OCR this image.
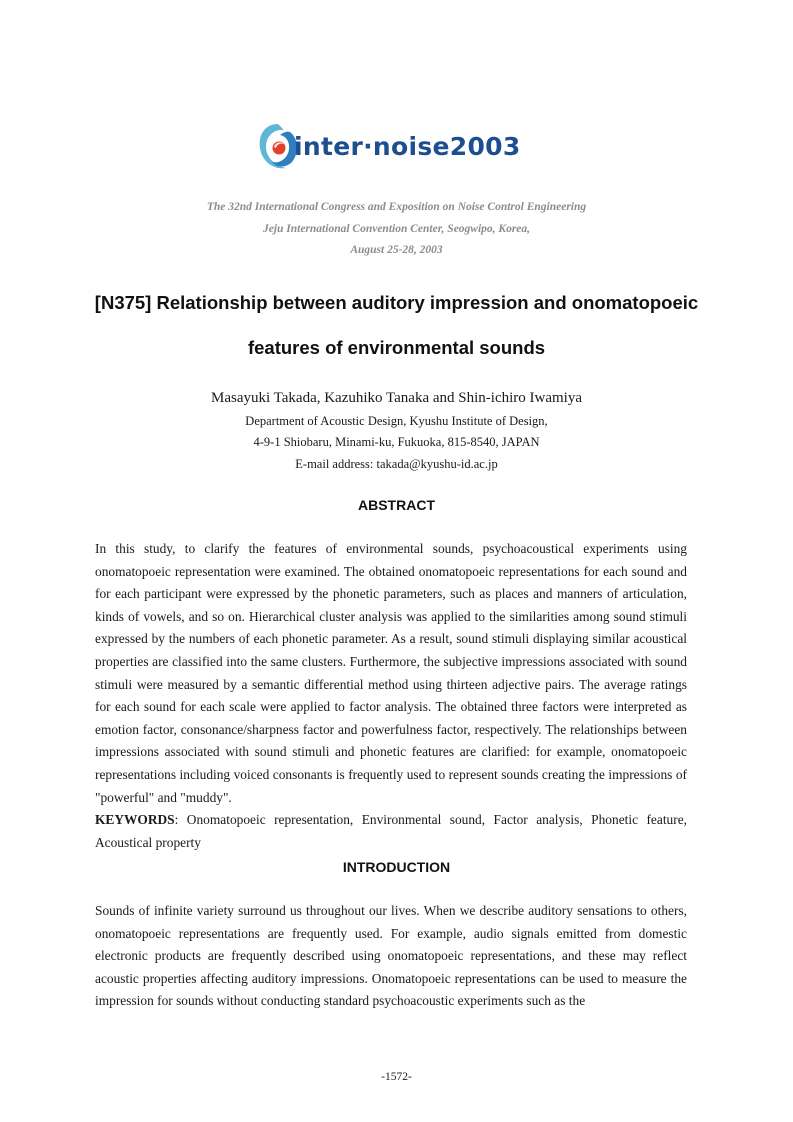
inter·noise2003
The 32nd International Congress and Exposition on Noise Control Engineering
Jeju International Convention Center, Seogwipo, Korea,
August 25-28, 2003
[N375] Relationship between auditory impression and onomatopoeic
features of environmental sounds
Masayuki Takada, Kazuhiko Tanaka and Shin-ichiro Iwamiya
Department of Acoustic Design, Kyushu Institute of Design,
4-9-1 Shiobaru, Minami-ku, Fukuoka, 815-8540, JAPAN
E-mail address: takada@kyushu-id.ac.jp
ABSTRACT
In this study, to clarify the features of environmental sounds, psychoacoustical experiments using onomatopoeic representation were examined. The obtained onomatopoeic representations for each sound and for each participant were expressed by the phonetic parameters, such as places and manners of articulation, kinds of vowels, and so on. Hierarchical cluster analysis was applied to the similarities among sound stimuli expressed by the numbers of each phonetic parameter. As a result, sound stimuli displaying similar acoustical properties are classified into the same clusters. Furthermore, the subjective impressions associated with sound stimuli were measured by a semantic differential method using thirteen adjective pairs. The average ratings for each sound for each scale were applied to factor analysis. The obtained three factors were interpreted as emotion factor, consonance/sharpness factor and powerfulness factor, respectively. The relationships between impressions associated with sound stimuli and phonetic features are clarified: for example, onomatopoeic representations including voiced consonants is frequently used to represent sounds creating the impressions of "powerful" and "muddy".
KEYWORDS: Onomatopoeic representation, Environmental sound, Factor analysis, Phonetic feature, Acoustical property
INTRODUCTION
Sounds of infinite variety surround us throughout our lives. When we describe auditory sensations to others, onomatopoeic representations are frequently used. For example, audio signals emitted from domestic electronic products are frequently described using onomatopoeic representations, and these may reflect acoustic properties affecting auditory impressions. Onomatopoeic representations can be used to measure the impression for sounds without conducting standard psychoacoustic experiments such as the
-1572-
